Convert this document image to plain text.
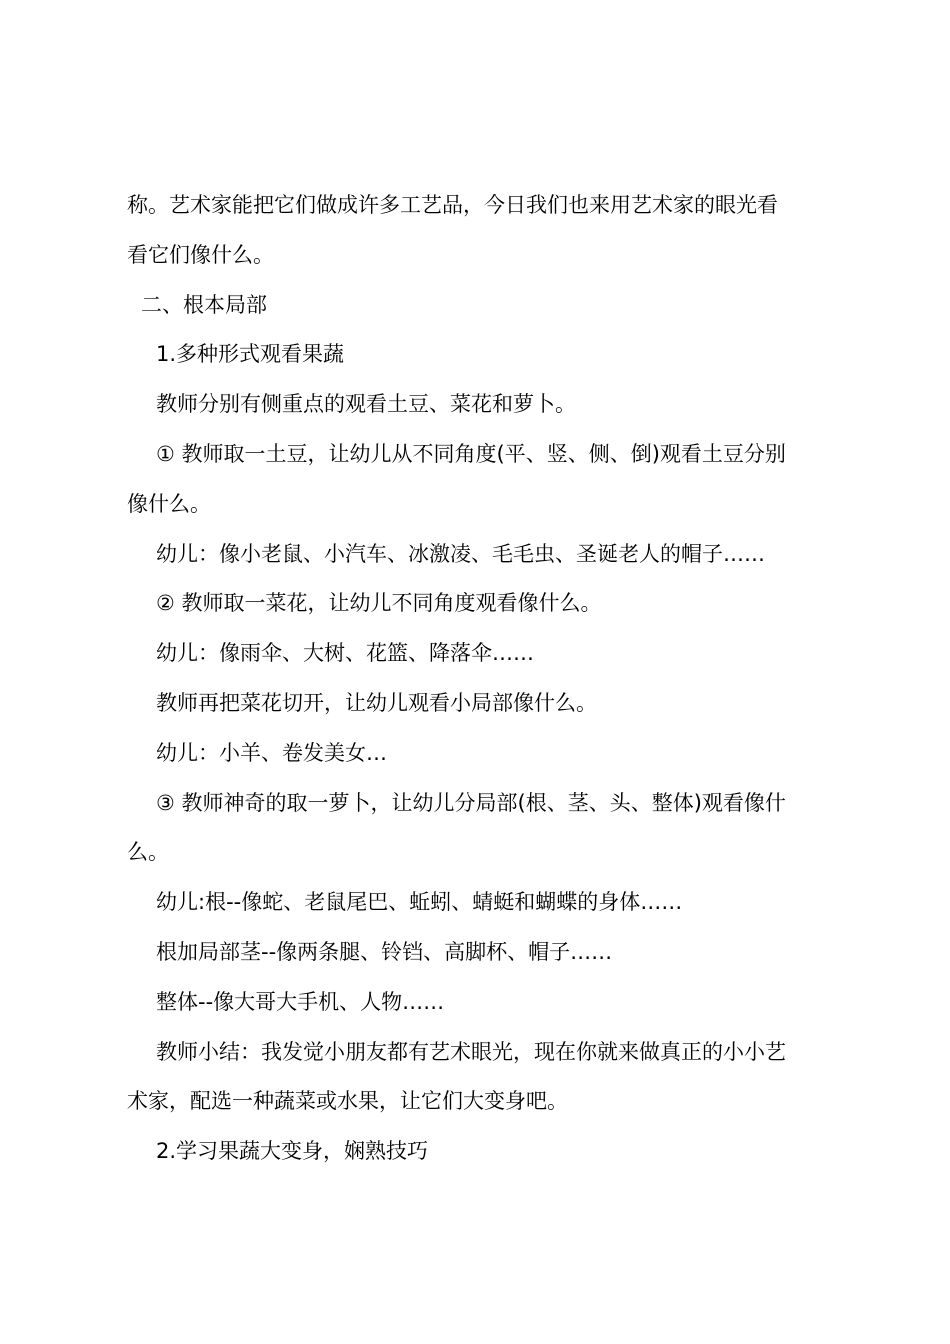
称。艺术家能把它们做成许多工艺品，今日我们也来用艺术家的眼光看
看它们像什么。
二、根本局部
1.多种形式观看果蔬
教师分别有侧重点的观看土豆、菜花和萝卜。
① 教师取一土豆，让幼儿从不同角度(平、竖、侧、倒)观看土豆分别
像什么。
幼儿：像小老鼠、小汽车、冰激凌、毛毛虫、圣诞老人的帽子……
② 教师取一菜花，让幼儿不同角度观看像什么。
幼儿：像雨伞、大树、花篮、降落伞……
教师再把菜花切开，让幼儿观看小局部像什么。
幼儿：小羊、卷发美女…
③ 教师神奇的取一萝卜，让幼儿分局部(根、茎、头、整体)观看像什
么。
幼儿:根--像蛇、老鼠尾巴、蚯蚓、蜻蜓和蝴蝶的身体……
根加局部茎--像两条腿、铃铛、高脚杯、帽子……
整体--像大哥大手机、人物……
教师小结：我发觉小朋友都有艺术眼光，现在你就来做真正的小小艺
术家，配选一种蔬菜或水果，让它们大变身吧。
2.学习果蔬大变身，娴熟技巧
